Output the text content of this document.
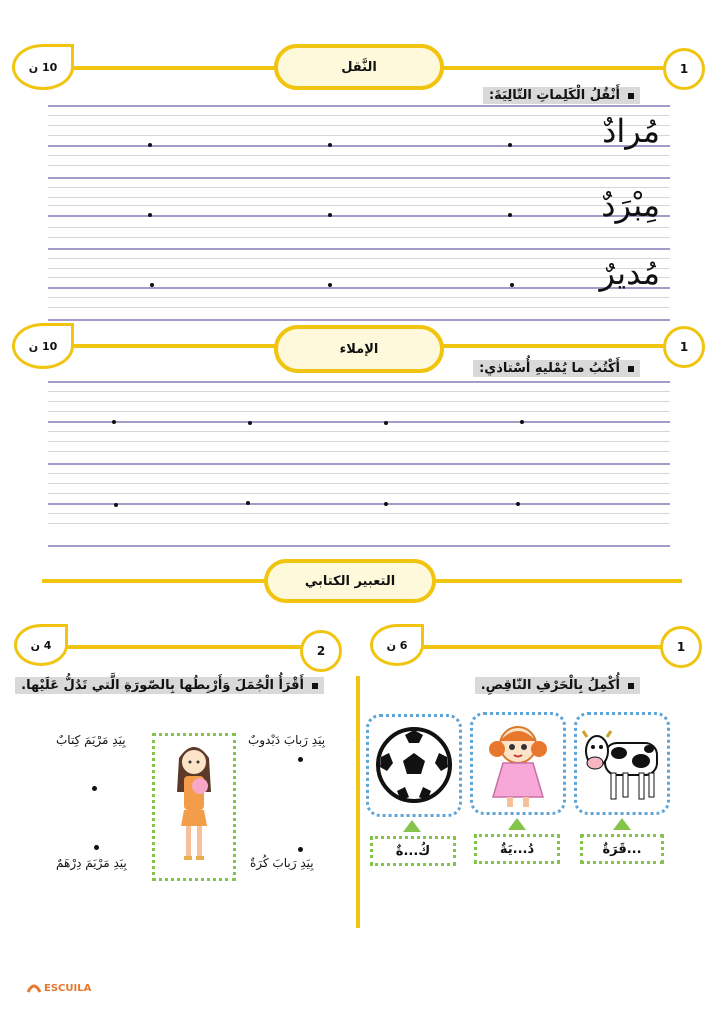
10 ن	النَّقل	1
أَنْقُلُ الْكَلِماتِ التّالِيَةَ:
مُرادٌ
مِبْرَدٌ
مُديرٌ
10 ن	الإملاء	1
أَكْتُبُ ما يُمْليهِ أُسْتاذي:
التعبير الكتابي
6 ن	1
4 ن	2
أُكْمِلُ بِالْحَرْفِ النّاقِصِ.
...قَرَةٌ
دُ...يَةٌ
كُ...ةٌ
أَقْرَأُ الْجُمَلَ وَأَرْبِطُها بِالصّورَةِ الَّتي تَدُلُّ عَلَيْها.
بِيَدِ رَبابَ دَبْدوبٌ
بِيَدِ رَبابَ كُرَةٌ
بِيَدِ مَرْيَمَ كِتابٌ
بِيَدِ مَرْيَمَ دِرْهَمٌ
ESCUILA
